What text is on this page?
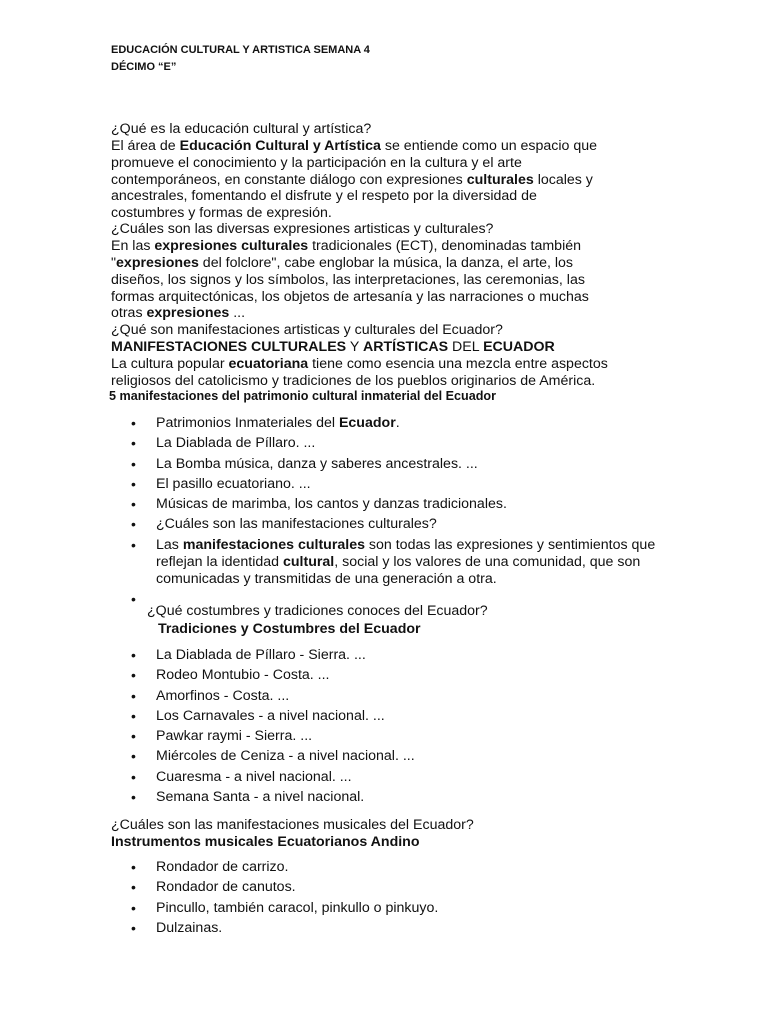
EDUCACIÓN CULTURAL Y ARTISTICA SEMANA 4
DÉCIMO “E”
¿Qué es la educación cultural y artística?
El área de Educación Cultural y Artística se entiende como un espacio que
promueve el conocimiento y la participación en la cultura y el arte
contemporáneos, en constante diálogo con expresiones culturales locales y
ancestrales, fomentando el disfrute y el respeto por la diversidad de
costumbres y formas de expresión.
¿Cuáles son las diversas expresiones artisticas y culturales?
En las expresiones culturales tradicionales (ECT), denominadas también
"expresiones del folclore", cabe englobar la música, la danza, el arte, los
diseños, los signos y los símbolos, las interpretaciones, las ceremonias, las
formas arquitectónicas, los objetos de artesanía y las narraciones o muchas
otras expresiones ...
¿Qué son manifestaciones artisticas y culturales del Ecuador?
MANIFESTACIONES CULTURALES Y ARTÍSTICAS DEL ECUADOR
La cultura popular ecuatoriana tiene como esencia una mezcla entre aspectos
religiosos del catolicismo y tradiciones de los pueblos originarios de América.
5 manifestaciones del patrimonio cultural inmaterial del Ecuador
• Patrimonios Inmateriales del Ecuador.
• La Diablada de Píllaro. ...
• La Bomba música, danza y saberes ancestrales. ...
• El pasillo ecuatoriano. ...
• Músicas de marimba, los cantos y danzas tradicionales.
• ¿Cuáles son las manifestaciones culturales?
• Las manifestaciones culturales son todas las expresiones y sentimientos que reflejan la identidad cultural, social y los valores de una comunidad, que son comunicadas y transmitidas de una generación a otra.
•
¿Qué costumbres y tradiciones conoces del Ecuador?
Tradiciones y Costumbres del Ecuador
• La Diablada de Píllaro - Sierra. ...
• Rodeo Montubio - Costa. ...
• Amorfinos - Costa. ...
• Los Carnavales - a nivel nacional. ...
• Pawkar raymi - Sierra. ...
• Miércoles de Ceniza - a nivel nacional. ...
• Cuaresma - a nivel nacional. ...
• Semana Santa - a nivel nacional.
¿Cuáles son las manifestaciones musicales del Ecuador?
Instrumentos musicales Ecuatorianos Andino
• Rondador de carrizo.
• Rondador de canutos.
• Pincullo, también caracol, pinkullo o pinkuyo.
• Dulzainas.
